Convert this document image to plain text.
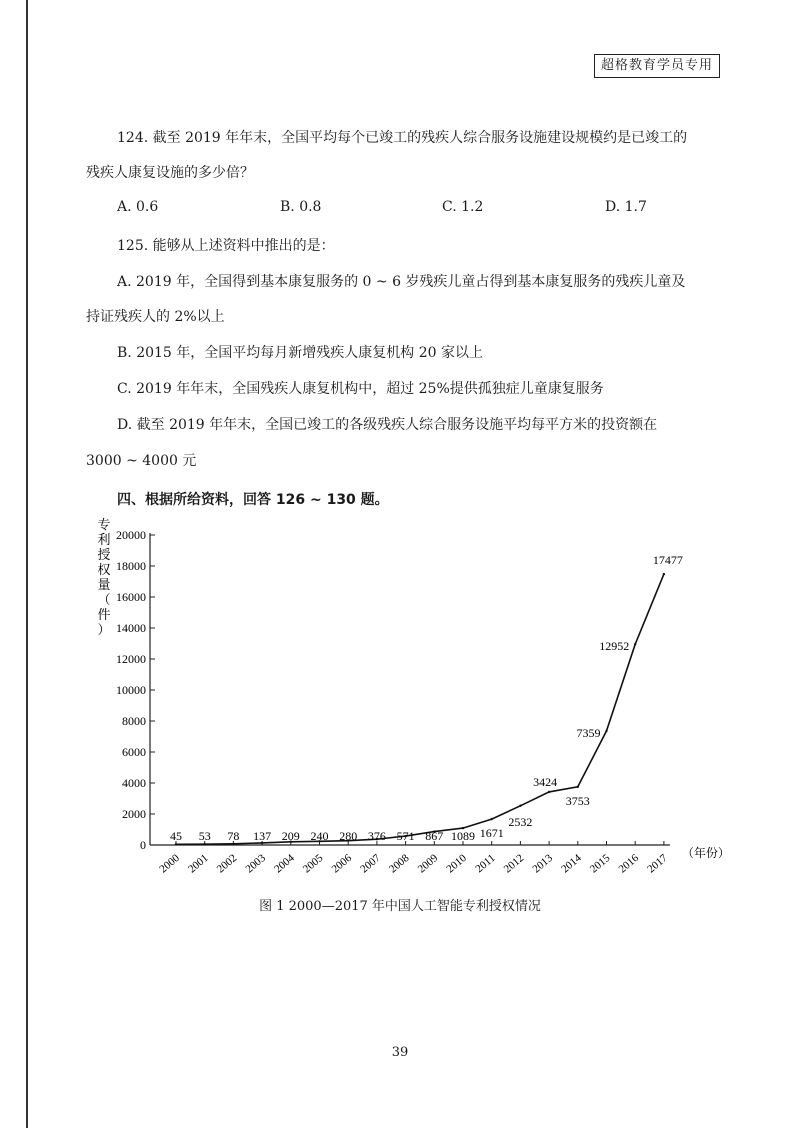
超格教育学员专用
124. 截至 2019 年年末，全国平均每个已竣工的残疾人综合服务设施建设规模约是已竣工的
残疾人康复设施的多少倍？
A. 0.6	B. 0.8	C. 1.2	D. 1.7
125. 能够从上述资料中推出的是：
A. 2019 年，全国得到基本康复服务的 0 ~ 6 岁残疾儿童占得到基本康复服务的残疾儿童及
持证残疾人的 2%以上
B. 2015 年，全国平均每月新增残疾人康复机构 20 家以上
C. 2019 年年末，全国残疾人康复机构中，超过 25%提供孤独症儿童康复服务
D. 截至 2019 年年末，全国已竣工的各级残疾人综合服务设施平均每平方米的投资额在
3000 ~ 4000 元
四、根据所给资料，回答 126 ~ 130 题。
0
2000
4000
6000
8000
10000
12000
14000
16000
18000
20000
专
利
授
权
量
（
件
）
2000 2001 2002 2003 2004 2005 2006 2007 2008 2009 2010 2011 2012 2013 2014 2015 2016 2017 （年份）
45 53 78 137 209 240 280 376 571 867 1089 1671
2532
3424
3753
7359
12952
17477
图 1 2000—2017 年中国人工智能专利授权情况
39
